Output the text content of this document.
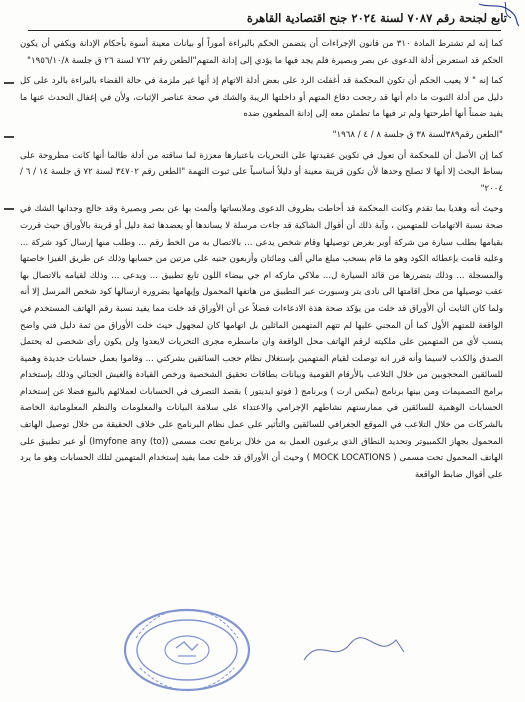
تابع لجنحة رقم ٧٠٨٧ لسنة ٢٠٢٤ جنح اقتصادية القاهرة

كما إنه لم تشترط المادة ٣١٠ من قانون الإجراءات أن يتضمن الحكم بالبراءة أموراً أو بيانات معينة أسوة بأحكام الإدانة ويكفي أن يكون الحكم قد استعرض أدلة الدعوى عن بصر وبصيرة فلم يجد فيها ما يؤدي إلى إدانة المتهم"الطعن رقم ٧٦٢ لسنة ٢٦ ق جلسة ١٩٥٦/١٠/٨"

كما إنه " لا يعيب الحكم أن تكون المحكمة قد أغفلت الرد على بعض أدلة الاتهام إذ أنها غير ملزمة في حالة القضاء بالبراءة بالرد على كل دليل من أدلة الثبوت ما دام أنها قد رجحت دفاع المتهم أو داخلتها الريبة والشك في صحة عناصر الإثبات، ولأن في إغفال التحدث عنها ما يفيد ضمناً أنها أطرحتها ولم تر فيها ما تطمئن معه إلى إدانة المطعون ضده

"الطعن رقم٣٨٩لسنة ٣٨ ق جلسة ٨ / ٤ / ١٩٦٨"

كما إن الأصل أن للمحكمة أن تعول في تكوين عقيدتها على التحريات باعتبارها معززة لما ساقته من أدلة طالما أنها كانت مطروحة على بساط البحث إلا أنها لا تصلح وحدها لأن تكون قرينة معينة أو دليلاً أساسياً على ثبوت التهمة "الطعن رقم ٣٤٧٠٢ لسنة ٧٢ ق جلسة ١٤ / ٦ / ٢٠٠٤"

وحيث أنه وهديا بما تقدم وكانت المحكمة قد أحاطت بظروف الدعوى وملابساتها وألمت بها عن بصر وبصيرة وقد خالج وجدانها الشك في صحة نسبة الاتهامات للمتهمين ، وآية ذلك أن أقوال الشاكية قد جاءت مرسلة لا يساندها أو يعضدها ثمة دليل أو قرينة بالأوراق حيث قررت بقيامها بطلب سيارة من شركة أوبر بغرض توصيلها وقام شخص يدعى ... بالاتصال به من الخط رقم ... وطلب منها إرسال كود شركة ... وعليه قامت بإعطائه الكود وهو ما قام بسحب مبلغ مالي ألف ومائتان وأربعون جنيه على مرتين من حسابها وذلك عن طريق الفيزا خاصتها والمسجلة ... وذلك بتضررها من قائد السيارة ل... ملاكي ماركه ام جي بيضاء اللون تابع تطبيق ... ويدعى ... وذلك لقيامه بالاتصال بها عقب توصيلها من محل اقامتها الى نادى بتر وسبورت عبر التطبيق من هاتفها المحمول وإيهامها بضروره ارسالها كود شخص المرسل إلا أنه ولما كان الثابت أن الأوراق قد خلت من يؤكد صحة هذة الادعاءات فضلاً عن أن الأوراق قد خلت مما يفيد نسبة رقم الهاتف المستخدم في الواقعة للمتهم الأول كما أن المجني عليها لم تتهم المتهمين الماثلين بل اتهامها كان لمجهول حيث خلت الأوراق من ثمة دليل فني واضح ينسب لأي من المتهمين على ملكيته لرقم الهاتف محل الواقعة وان ماسطره مجرى التحريات لايعدوا ولن يكون رأى شخصى له يحتمل الصدق والكذب لاسيما وأنه قرر انه توصلت لقيام المتهمين بإستغلال نظام حجب السائقين بشركتي ... وقاموا بعمل حسابات جديدة وهمية للسائقين المحجوبين من خلال التلاعب بالأرقام القومية وبيانات بطاقات تحقيق الشخصية ورخص القيادة والغيش الجنائي وذلك بإستخدام برامج التصميمات ومن بينها برنامج (بيكس ارت ) وبرنامج ( فوتو ايديتور ) بقصد التصرف في الحسابات لعملائهم بالبيع فضلا عن إستخدام الحسابات الوهمية للسائقين في ممارستهم نشاطهم الإجرامي والاعتداء على سلامة البيانات والمعلومات والنظم المعلوماتية الخاصة بالشركات من خلال التلاعب في الموقع الجغرافي للسائقين والتأثير على عمل نظام البرنامج على خلاف الحقيقة من خلال توصيل الهاتف المحمول بجهاز الكمبيوتر وتحديد النطاق الذي يرغبون العمل به من خلال برنامج تحت مسمى (Imyfone any (to)) أو عبر تطبيق على الهاتف المحمول تحت مسمى ( MOCK LOCATIONS ) وحيث أن الأوراق قد خلت مما يفيد إستخدام المتهمين لتلك الحسابات وهو ما يرد على أقوال ضابط الواقعة
